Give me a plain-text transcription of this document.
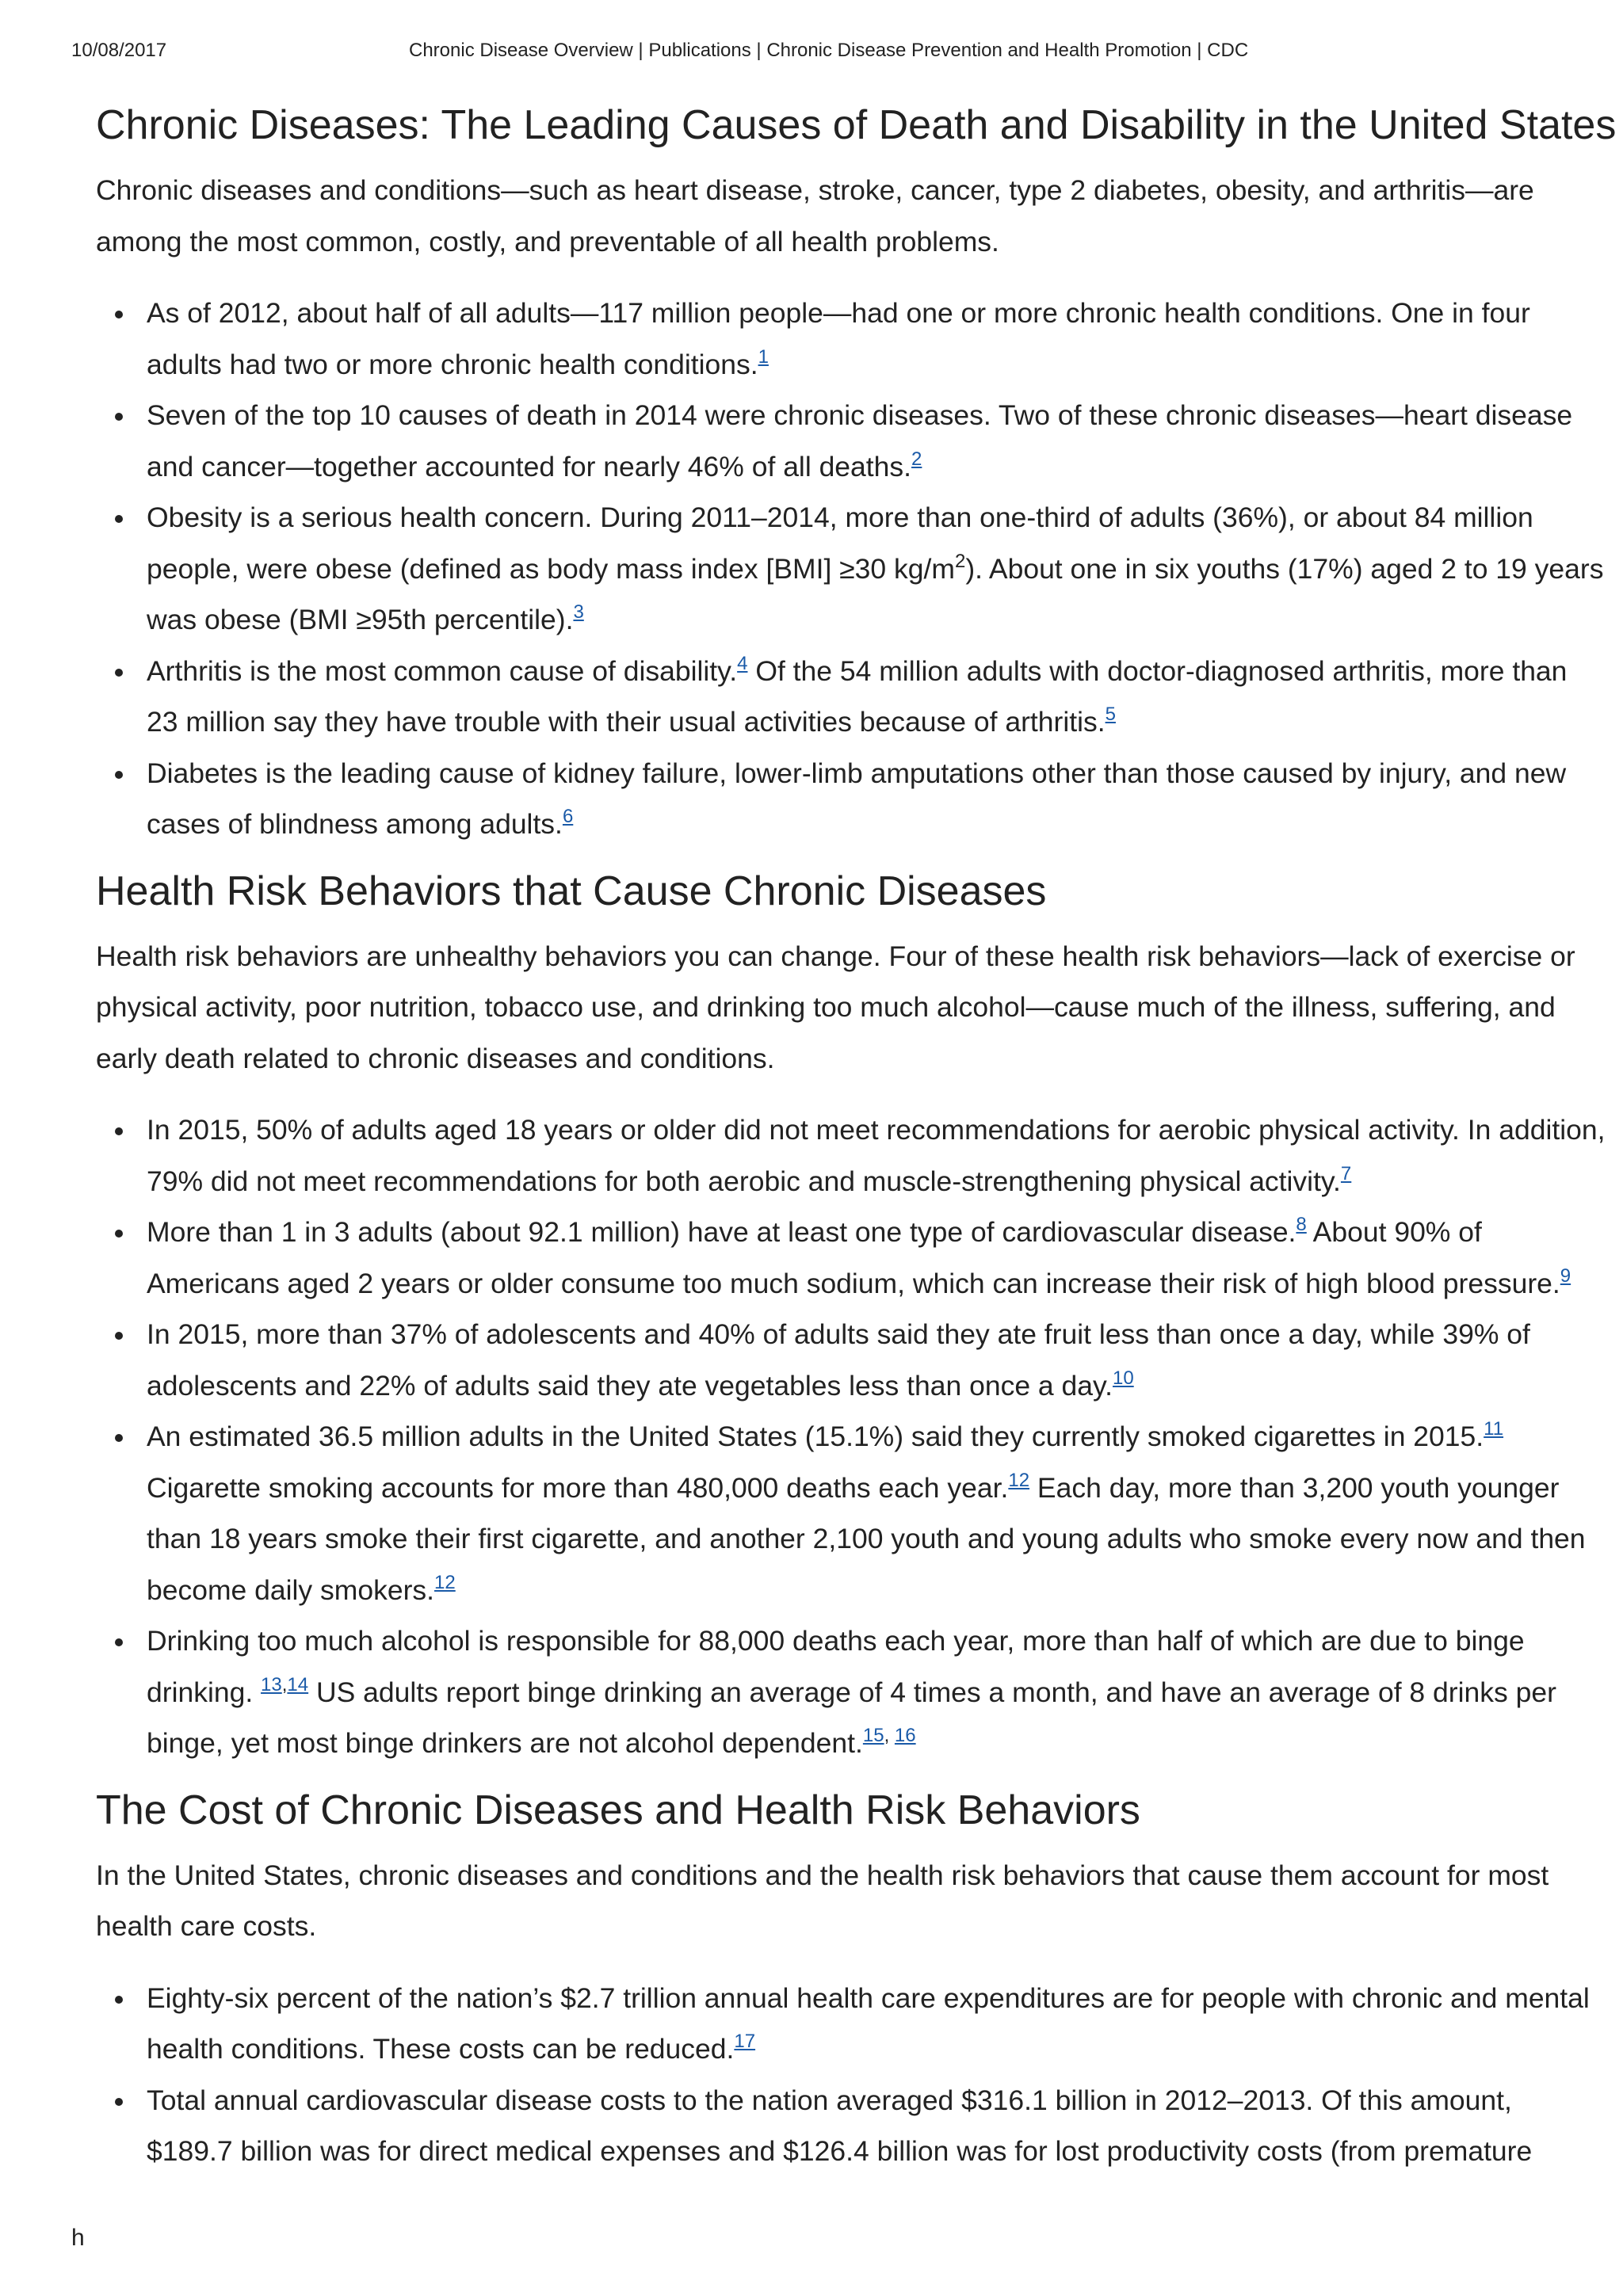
10/08/2017	Chronic Disease Overview | Publications | Chronic Disease Prevention and Health Promotion | CDC
Chronic Diseases: The Leading Causes of Death and Disability in the United States

Chronic diseases and conditions—such as heart disease, stroke, cancer, type 2 diabetes, obesity, and arthritis—are among the most common, costly, and preventable of all health problems.

As of 2012, about half of all adults—117 million people—had one or more chronic health conditions. One in four adults had two or more chronic health conditions.$^1$
Seven of the top 10 causes of death in 2014 were chronic diseases. Two of these chronic diseases—heart disease and cancer—together accounted for nearly 46% of all deaths.$^2$
Obesity is a serious health concern. During 2011–2014, more than one-third of adults (36%), or about 84 million people, were obese (defined as body mass index [BMI] ≥30 $kg/m^2$). About one in six youths (17%) aged 2 to 19 years was obese (BMI ≥95th percentile).$^3$
Arthritis is the most common cause of disability.$^4$ Of the 54 million adults with doctor-diagnosed arthritis, more than 23 million say they have trouble with their usual activities because of arthritis.$^5$
Diabetes is the leading cause of kidney failure, lower-limb amputations other than those caused by injury, and new cases of blindness among adults.$^6$
Health Risk Behaviors that Cause Chronic Diseases

Health risk behaviors are unhealthy behaviors you can change. Four of these health risk behaviors—lack of exercise or physical activity, poor nutrition, tobacco use, and drinking too much alcohol—cause much of the illness, suffering, and early death related to chronic diseases and conditions.

In 2015, 50% of adults aged 18 years or older did not meet recommendations for aerobic physical activity. In addition, 79% did not meet recommendations for both aerobic and muscle-strengthening physical activity.$^7$
More than 1 in 3 adults (about 92.1 million) have at least one type of cardiovascular disease.$^8$ About 90% of Americans aged 2 years or older consume too much sodium, which can increase their risk of high blood pressure.$^9$
In 2015, more than 37% of adolescents and 40% of adults said they ate fruit less than once a day, while 39% of adolescents and 22% of adults said they ate vegetables less than once a day.$^{10}$
An estimated 36.5 million adults in the United States (15.1%) said they currently smoked cigarettes in 2015.11 Cigarette smoking accounts for more than 480,000 deaths each year.$^{12}$ Each day, more than 3,200 youth younger than 18 years smoke their first cigarette, and another 2,100 youth and young adults who smoke every now and then become daily smokers.$^{12}$
Drinking too much alcohol is responsible for 88,000 deaths each year, more than half of which are due to binge drinking. $^{13,14}$ US adults report binge drinking an average of 4 times a month, and have an average of 8 drinks per binge, yet most binge drinkers are not alcohol dependent.$^{15, 16}$
The Cost of Chronic Diseases and Health Risk Behaviors

In the United States, chronic diseases and conditions and the health risk behaviors that cause them account for most health care costs.

Eighty-six percent of the nation’s $2.7 trillion annual health care expenditures are for people with chronic and mental health conditions. These costs can be reduced.$^{17}$
Total annual cardiovascular disease costs to the nation averaged $316.1 billion in 2012–2013. Of this amount, $189.7 billion was for direct medical expenses and $126.4 billion was for lost productivity costs (from premature
h
